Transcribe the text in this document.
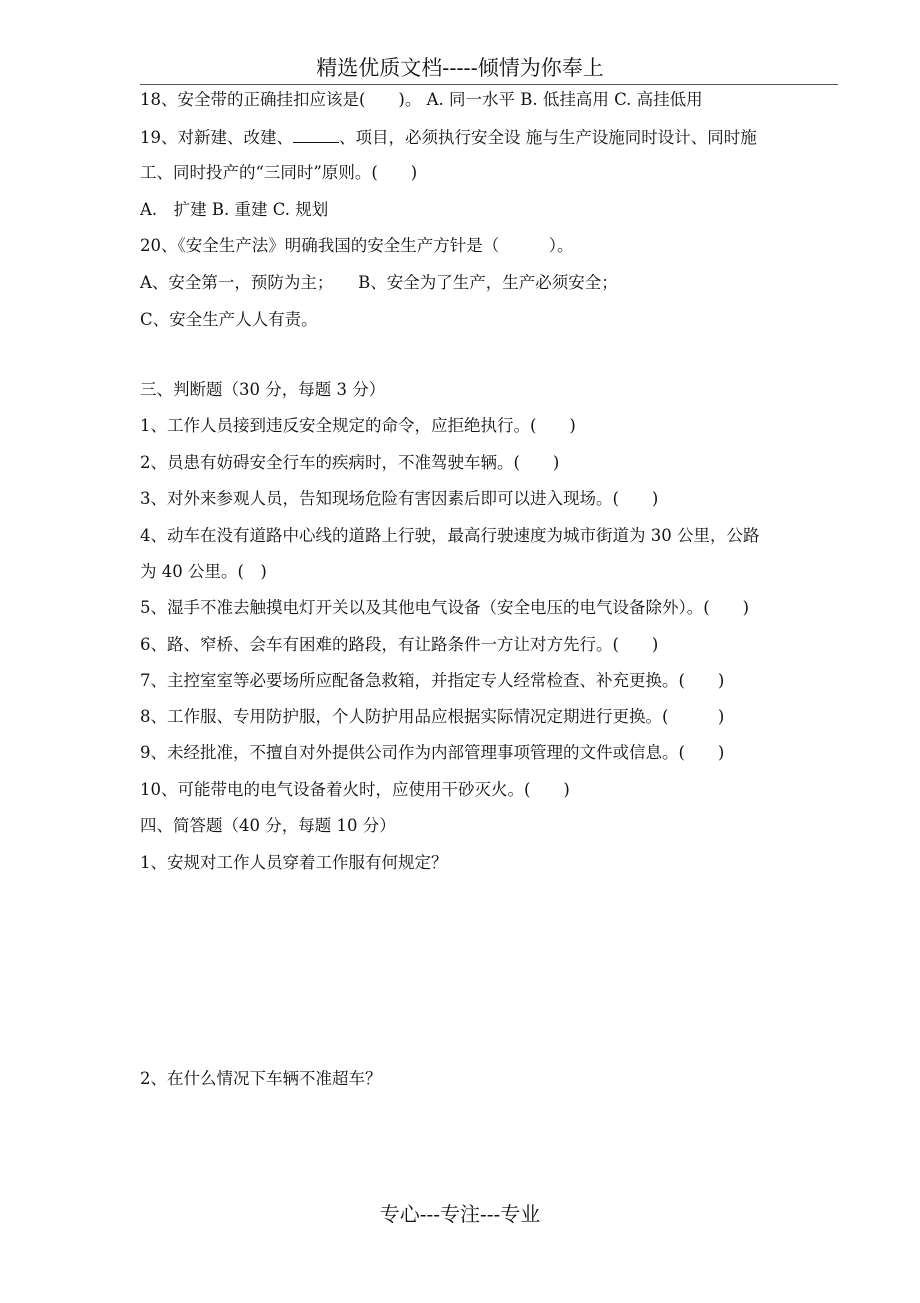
精选优质文档-----倾情为你奉上
18、安全带的正确挂扣应该是(　　)。 A. 同一水平 B. 低挂高用 C. 高挂低用
19、对新建、改建、	、项目，必须执行安全设 施与生产设施同时设计、同时施
工、同时投产的“三同时”原则。(　　)
A.　扩建 B. 重建 C. 规划
20、《安全生产法》明确我国的安全生产方针是（　　　）。
A、安全第一，预防为主；　　B、安全为了生产，生产必须安全；
C、安全生产人人有责。
三、判断题（30 分，每题 3 分）
1、工作人员接到违反安全规定的命令，应拒绝执行。(　　)
2、员患有妨碍安全行车的疾病时，不准驾驶车辆。(　　)
3、对外来参观人员，告知现场危险有害因素后即可以进入现场。(　　)
4、动车在没有道路中心线的道路上行驶，最高行驶速度为城市街道为 30 公里，公路
为 40 公里。(　)
5、湿手不准去触摸电灯开关以及其他电气设备（安全电压的电气设备除外）。(　　)
6、路、窄桥、会车有困难的路段，有让路条件一方让对方先行。(　　)
7、主控室室等必要场所应配备急救箱，并指定专人经常检查、补充更换。(　　)
8、工作服、专用防护服，个人防护用品应根据实际情况定期进行更换。(　　　)
9、未经批准，不擅自对外提供公司作为内部管理事项管理的文件或信息。(　　)
10、可能带电的电气设备着火时，应使用干砂灭火。(　　)
四、简答题（40 分，每题 10 分）
1、安规对工作人员穿着工作服有何规定？
2、在什么情况下车辆不准超车？
专心---专注---专业
